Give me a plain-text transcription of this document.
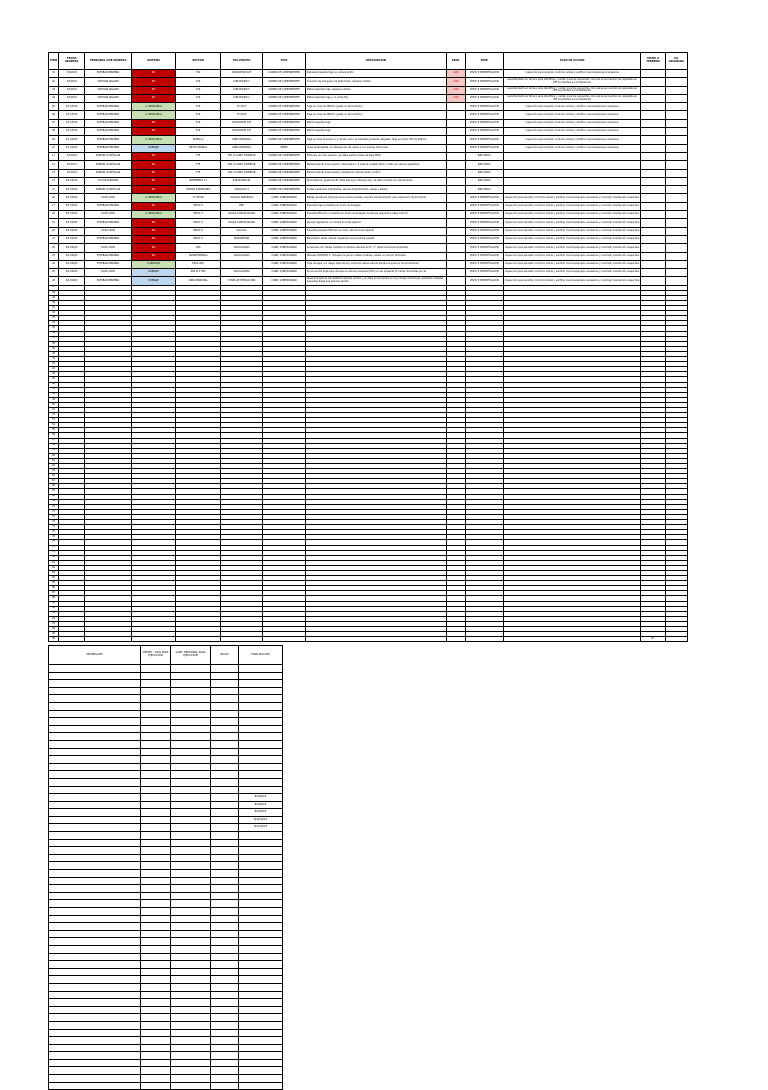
ÍTEM	FECHA INGRESO	PERSONAL QUE INGRESA	SISTEMA	SECTOR	TAG EQUIPO	TIPO	DESCRIPCIÓN	PRIO.	FASE	PLAN DE ACCIÓN	VISITA A TERRENO	OC ASIGNADA
01	3/3/2023	ESTEBAN HERRERA	RO	TSP	SUB-MATRIZ 103	CAMBIO DE COMPONENTES	Sabinete presenta fuga en válvula piloto	ALTA	VISITA E IDENTIFICACIÓN	Inspección para levantar condición actual y verificar insumos/equipos necesarios		
02	3/3/2023	CRISTIAN ARGUILE	RO	TSP	SUB-MATRIZ 1	CAMBIO DE COMPONENTES	Conexión de manguera de deformada, requiere cambio	ALTA	VISITA E IDENTIFICACIÓN	Levantamiento en terreno para identificar y validar insumos requeridos. Una vez se encuentren los repuestos en VPF se planifica su normalización		
03	3/3/2023	CRISTIAN ARGUILE	RO	TSP	SUB-MATRIZ 5	CAMBIO DE COMPONENTES	Matriz presenta fuga, requiere cambio	ALTA	VISITA E IDENTIFICACIÓN	Levantamiento en terreno para identificar y validar insumos requeridos. Una vez se encuentren los repuestos en VPF se planifica su normalización		
04	3/3/2023	CRISTIAN ARGUILE	RO	TSP	SUB-MATRIZ 2	CAMBIO DE COMPONENTES	Matriz presenta fuga y no corta flujo	ALTA	VISITA E IDENTIFICACIÓN	Levantamiento en terreno para identificar y validar insumos requeridos. Una vez se encuentren los repuestos en VPF se planifica su normalización		
05	2/11/2023	ESTEBAN HERRERA	A. INDUSTRIAL	TSP	FV 0327	CAMBIO DE COMPONENTES	Fuga en línea de 280mm (goteo en termofusión)		VISITA E IDENTIFICACIÓN	Inspección para levantar condición actual y verificar insumos/equipos necesarios		
06	2/11/2023	ESTEBAN HERRERA	A. INDUSTRIAL	TSP	FV 0326	CAMBIO DE COMPONENTES	Fuga en línea de 280mm (goteo en termofusión)		VISITA E IDENTIFICACIÓN	Inspección para levantar condición actual y verificar insumos/equipos necesarios		
07	2/11/2023	ESTEBAN HERRERA	RO	TSP	SUB-MATRIZ 101	CAMBIO DE COMPONENTES	Matriz presenta fuga		VISITA E IDENTIFICACIÓN	Inspección para levantar condición actual y verificar insumos/equipos necesarios		
08	2/11/2023	ESTEBAN HERRERA	RO	TSP	SUB-MATRIZ 107	CAMBIO DE COMPONENTES	Matriz presenta fuga		VISITA E IDENTIFICACIÓN	Inspección para levantar condición actual y verificar insumos/equipos necesarios		
09	2/11/2023	ESTEBAN HERRERA	A. INDUSTRIAL	RAMPA G	LINEA PRINCIPAL	CAMBIO DE COMPONENTES	Fuga en línea principal en y donde unión de Laterales presenta desgaste, fuga en tramo 355 de 280mm		VISITA E IDENTIFICACIÓN	Inspección para levantar condición actual y verificar insumos/equipos necesarios		
10	2/11/2023	ESTEBAN HERRERA	DRENAJE	DESTO PRONOL	LINEA PRINCIPAL	PRMIS	Línea desacoplada, en intersección de rampa C con polines del acceso		VISITA E IDENTIFICACIÓN	Inspección para levantar condición actual y verificar insumos/equipos necesarios		
11	3/7/2023	MANUEL QUINTILLAN	RO	TTP	SSP 11 LINEA SUPERIOR	CAMBIO DE COMPONENTES	Filtración en línea superior (se debe ajustar piezas de tapa MCR)		EJECUTADA			
12	3/7/2023	MANUEL QUINTILLAN	RO	TTP	SSP 12 LINEA SUPERIOR	CAMBIO DE COMPONENTES	Mantenimiento línea superior intermedia nº 4 interna, instalar tubín y retiro de válvula reguladora		EJECUTADA			
13	3/7/2023	MANUEL QUINTILLAN	RO	TTP	SSP 13 LINEA SUPERIOR	CAMBIO DE COMPONENTES	Mantenimiento línea superior (instalación válvula piloto y tubín)		EJECUTADA			
14	8/13/2023	VICTOR RODENAS	RO	INTERMEDIA 11	SUB-MATRIZ 81	CAMBIO DE COMPONENTES	Normalización gestiones 81 (falla piping en intersección), se debe cambiar de válvula piloto		EJECUTADA			
15	8/13/2023	MANUEL QUINTILLAN	RO	CORTES SUPERIORES	ALMACIGO 3	CAMBIO DE COMPONENTES	Cortes superiores intermedios, válvula impedimentos, rebaje y estado		EJECUTADA			
16	8/13/2023	ELIAS LEON	A. INDUSTRIAL	TV 03500	VALVULA MARIPOSA	COND. SUBESTANDAR	Rebaje de válvula mariposa se encuentra suelta, requiere mantenimiento para reparación de tornillería		VISITA E IDENTIFICACIÓN	Inspección para levantar condición actual y verificar insumos/equipos necesarios y coordinar mantención respectiva		
17	8/13/2023	ESTEBAN HERRERA	RO	ERP Nº5	ERP	COND. SUBESTANDAR	Presenta fuga constante por bulón de desagüe		VISITA E IDENTIFICACIÓN	Inspección para levantar condición actual y verificar insumos/equipos necesarios y coordinar mantención respectiva		
18	8/13/2023	ELIAS LEON	A. INDUSTRIAL	ERP Nº3	VALVULA REGULADORA	COND. SUBESTANDAR	Presenta filtración constante por bulón de desagüe de válvula reguladora (tapa inferior)		VISITA E IDENTIFICACIÓN	Inspección para levantar condición actual y verificar insumos/equipos necesarios y coordinar mantención respectiva		
19	8/13/2023	ESTEBAN HERRERA	RO	ERP Nº3	VALVULA REGULADORA	COND. SUBESTANDAR	Válvula reguladora no modula en línea superior		VISITA E IDENTIFICACIÓN	Inspección para levantar condición actual y verificar insumos/equipos necesarios y coordinar mantención respectiva		
20	8/13/2023	ELIAS LEON	RO	ERP Nº5	VALVULA	COND. SUBESTANDAR	Presenta pequeña filtración en tubín válvula línea superior		VISITA E IDENTIFICACIÓN	Inspección para levantar condición actual y verificar insumos/equipos necesarios y coordinar mantención respectiva		
21	8/13/2023	ESTEBAN HERRERA	RO	ERP Nº2	MANÓMETRO	COND. SUBESTANDAR	Manómetro salida válvula reguladora se encuentra pegado		VISITA E IDENTIFICACIÓN	Inspección para levantar condición actual y verificar insumos/equipos necesarios y coordinar mantención respectiva		
22	8/13/2023	ELIAS LEON	RO	CMS	VÁLVULA/MAS	COND. SUBESTANDAR	Accesorios con cables cortados en ambas válvulas de 8'', 2'' (dedo emisiones fermadas)		VISITA E IDENTIFICACIÓN	Inspección para levantar condición actual y verificar insumos/equipos necesarios y coordinar mantención respectiva		
23	8/13/2023	ESTEBAN HERRERA	RO	TRANSFERENCIA	VÁLVULA/MAS	COND. SUBESTANDAR	Válvulas CPP/TRPS 2'' Válvulas de gol sin cables cortados, cables no marcan fermadas		VISITA E IDENTIFICACIÓN	Inspección para levantar condición actual y verificar insumos/equipos necesarios y coordinar mantención respectiva		
24	8/13/2023	ESTEBAN HERRERA	A.SERVICIO	EPOS 2RO		COND. SUBESTANDAR	Fuga de agua con riesgo (bajo techo), aumentó desde válvula bomba se quita en funcionamiento		VISITA E IDENTIFICACIÓN	Inspección para levantar condición actual y verificar insumos/equipos necesarios y coordinar mantención respectiva		
25	8/13/2023	ELIAS LEON	DRENAJE	ERP Nº3 TMP	VÁLVULA/PIDA	COND. SUBESTANDAR	Se encuentra fuga agua drenaje en válvula mariposa (PVC) la cual presenta TC varias mermadas por Sil		VISITA E IDENTIFICACIÓN	Inspección para levantar condición actual y verificar insumos/equipos necesarios y coordinar mantención respectiva		
26	8/13/2023	ESTEBAN HERRERA	DRENAJE	LINEA PRINCIPAL	TUNEL DE EXTRACCIÓN	COND. SUBESTANDAR	Línea principal de Lixi Sistema requiere cambio y se debe se encuentra en muy malas condiciones, presenta múltiples pequeñas fugas que generan aporte		VISITA E IDENTIFICACIÓN	Inspección para levantar condición actual y verificar insumos/equipos necesarios y coordinar mantención respectiva		
27												
28												
29												
30												
31												
32												
33												
34												
35												
36												
37												
38												
39												
40												
41												
42												
43												
44												
45												
46												
47												
48												
49												
50												
51												
52												
53												
54												
55												
56												
57												
58												
59												
60												
61												
62												
63												
64												
65												
66												
67												
68												
69												
70												
71												
72												
73												
74												
75												
76												
77												
78												
79												
80												
81												
82												
83												
84												
85												
86												
87												
88												
89												
90												
91												
92												
93												
94												
95												
96											Nº	
MATERIALES	TIEMPO - DIAS PARA EJECUCIÓN	CANT. PERSONAL PARA EJECUCIÓN	INICIO	FINALIZACIÓN

				8/6/2023
				8/6/2023
				8/6/2023
				8/12/2023
				8/12/2023
